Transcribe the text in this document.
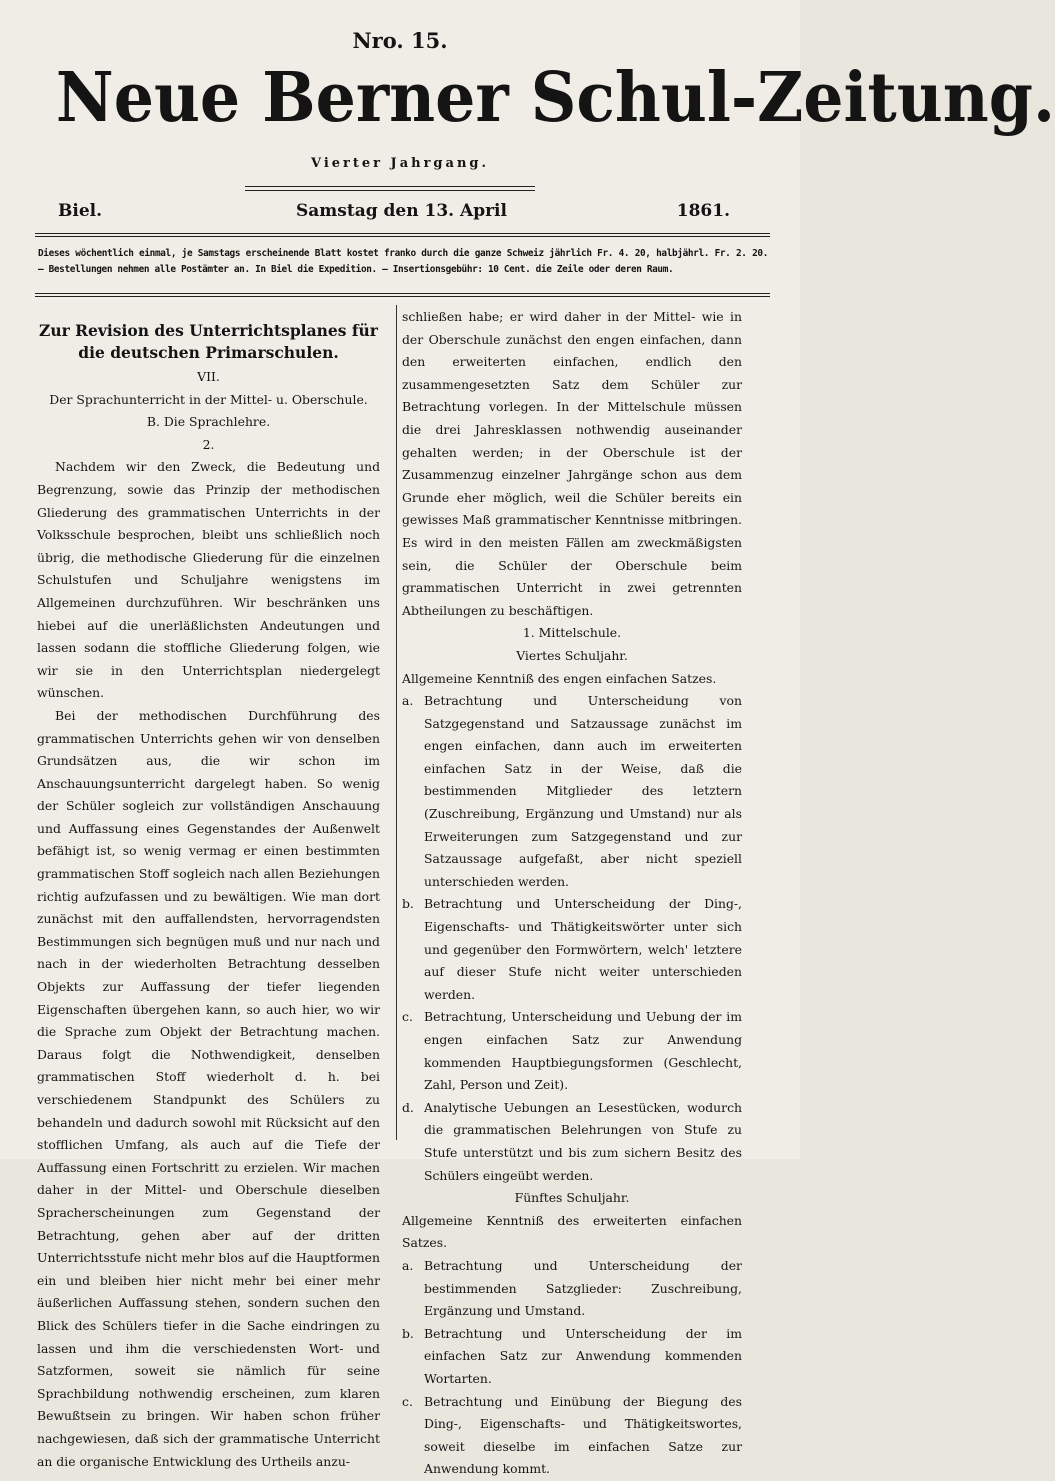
Nro. 15.
Neue Berner Schul-Zeitung.
Vierter Jahrgang.
Biel.	Samstag den 13. April	1861.
Dieses wöchentlich einmal, je Samstags erscheinende Blatt kostet franko durch die ganze Schweiz jährlich Fr. 4. 20, halbjährl. Fr. 2. 20. — Bestellungen nehmen alle Postämter an. In Biel die Expedition. — Insertionsgebühr: 10 Cent. die Zeile oder deren Raum.
Zur Revision des Unterrichtsplanes für die deutschen Primarschulen.
VII.
Der Sprachunterricht in der Mittel- u. Oberschule.
B. Die Sprachlehre.
2.

Nachdem wir den Zweck, die Bedeutung und Begrenzung, sowie das Prinzip der methodischen Gliederung des grammatischen Unterrichts in der Volksschule besprochen, bleibt uns schließlich noch übrig, die methodische Gliederung für die einzelnen Schulstufen und Schuljahre wenigstens im Allgemeinen durchzuführen. Wir beschränken uns hiebei auf die unerläßlichsten Andeutungen und lassen sodann die stoffliche Gliederung folgen, wie wir sie in den Unterrichtsplan niedergelegt wünschen.

Bei der methodischen Durchführung des grammatischen Unterrichts gehen wir von denselben Grundsätzen aus, die wir schon im Anschauungsunterricht dargelegt haben. So wenig der Schüler sogleich zur vollständigen Anschauung und Auffassung eines Gegenstandes der Außenwelt befähigt ist, so wenig vermag er einen bestimmten grammatischen Stoff sogleich nach allen Beziehungen richtig aufzufassen und zu bewältigen. Wie man dort zunächst mit den auffallendsten, hervorragendsten Bestimmungen sich begnügen muß und nur nach und nach in der wiederholten Betrachtung desselben Objekts zur Auffassung der tiefer liegenden Eigenschaften übergehen kann, so auch hier, wo wir die Sprache zum Objekt der Betrachtung machen. Daraus folgt die Nothwendigkeit, denselben grammatischen Stoff wiederholt d. h. bei verschiedenem Standpunkt des Schülers zu behandeln und dadurch sowohl mit Rücksicht auf den stofflichen Umfang, als auch auf die Tiefe der Auffassung einen Fortschritt zu erzielen. Wir machen daher in der Mittel- und Oberschule dieselben Spracherscheinungen zum Gegenstand der Betrachtung, gehen aber auf der dritten Unterrichtsstufe nicht mehr blos auf die Hauptformen ein und bleiben hier nicht mehr bei einer mehr äußerlichen Auffassung stehen, sondern suchen den Blick des Schülers tiefer in die Sache eindringen zu lassen und ihm die verschiedensten Wort- und Satzformen, soweit sie nämlich für seine Sprachbildung nothwendig erscheinen, zum klaren Bewußtsein zu bringen. Wir haben schon früher nachgewiesen, daß sich der grammatische Unterricht an die organische Entwicklung des Urtheils anzu-

schließen habe; er wird daher in der Mittel- wie in der Oberschule zunächst den engen einfachen, dann den erweiterten einfachen, endlich den zusammengesetzten Satz dem Schüler zur Betrachtung vorlegen. In der Mittelschule müssen die drei Jahresklassen nothwendig auseinander gehalten werden; in der Oberschule ist der Zusammenzug einzelner Jahrgänge schon aus dem Grunde eher möglich, weil die Schüler bereits ein gewisses Maß grammatischer Kenntnisse mitbringen. Es wird in den meisten Fällen am zweckmäßigsten sein, die Schüler der Oberschule beim grammatischen Unterricht in zwei getrennten Abtheilungen zu beschäftigen.

1. Mittelschule.
Viertes Schuljahr.
Allgemeine Kenntniß des engen einfachen Satzes.
a. Betrachtung und Unterscheidung von Satzgegenstand und Satzaussage zunächst im engen einfachen, dann auch im erweiterten einfachen Satz in der Weise, daß die bestimmenden Mitglieder des letztern (Zuschreibung, Ergänzung und Umstand) nur als Erweiterungen zum Satzgegenstand und zur Satzaussage aufgefaßt, aber nicht speziell unterschieden werden.
b. Betrachtung und Unterscheidung der Ding-, Eigenschafts- und Thätigkeitswörter unter sich und gegenüber den Formwörtern, welch' letztere auf dieser Stufe nicht weiter unterschieden werden.
c. Betrachtung, Unterscheidung und Uebung der im engen einfachen Satz zur Anwendung kommenden Hauptbiegungsformen (Geschlecht, Zahl, Person und Zeit).
d. Analytische Uebungen an Lesestücken, wodurch die grammatischen Belehrungen von Stufe zu Stufe unterstützt und bis zum sichern Besitz des Schülers eingeübt werden.
Fünftes Schuljahr.
Allgemeine Kenntniß des erweiterten einfachen Satzes.
a. Betrachtung und Unterscheidung der bestimmenden Satzglieder: Zuschreibung, Ergänzung und Umstand.
b. Betrachtung und Unterscheidung der im einfachen Satz zur Anwendung kommenden Wortarten.
c. Betrachtung und Einübung der Biegung des Ding-, Eigenschafts- und Thätigkeitswortes, soweit dieselbe im einfachen Satze zur Anwendung kommt.
